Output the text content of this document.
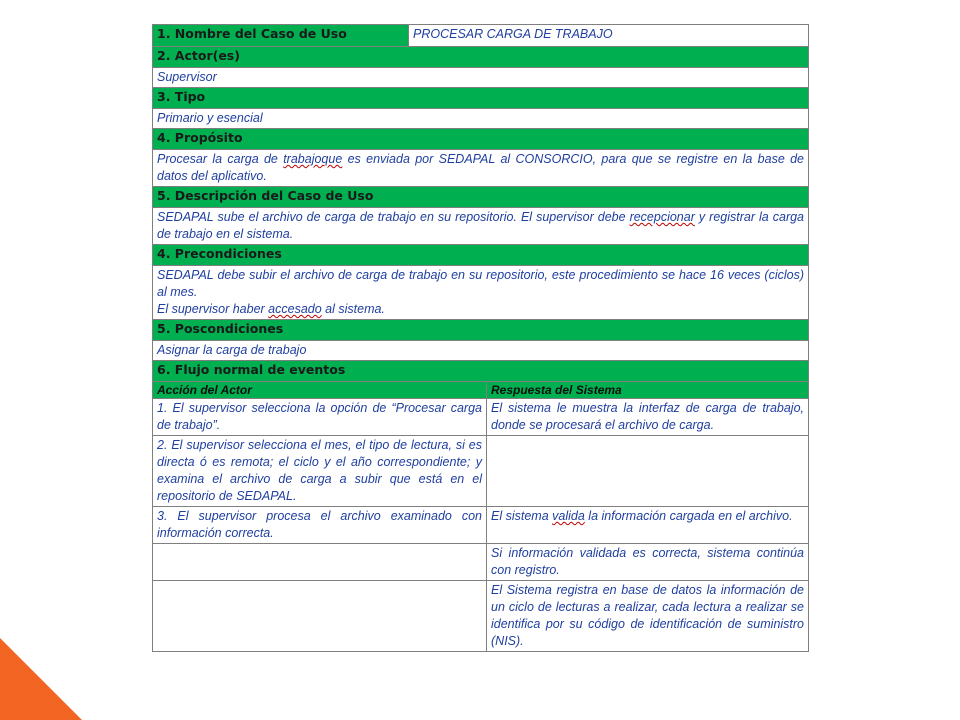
1. Nombre del Caso de Uso	PROCESAR CARGA DE TRABAJO	
2. Actor(es)		
Supervisor		
3. Tipo		
Primario y esencial		
4. Propósito		
Procesar la carga de trabajoque es enviada por SEDAPAL al CONSORCIO, para que se registre en la base de datos del aplicativo.		
5. Descripción del Caso de Uso		
SEDAPAL sube el archivo de carga de trabajo en su repositorio. El supervisor debe recepcionar y registrar la carga de trabajo en el sistema.		
4. Precondiciones		

SEDAPAL debe subir el archivo de carga de trabajo en su repositorio, este procedimiento se hace 16 veces (ciclos) al mes.
El supervisor haber accesado al sistema.		

5. Poscondiciones		
Asignar la carga de trabajo		
6. Flujo normal de eventos		
Acción del Actor		Respuesta del Sistema
1. El supervisor selecciona la opción de “Procesar carga de trabajo”.		El sistema le muestra la interfaz de carga de trabajo, donde se procesará el archivo de carga.
2. El supervisor selecciona el mes, el tipo de lectura, si es directa ó es remota; el ciclo y el año correspondiente; y examina el archivo de carga a subir que está en el repositorio de SEDAPAL.		
3. El supervisor procesa el archivo examinado con información correcta.		El sistema valida la información cargada en el archivo.
		Si información validada es correcta, sistema continúa con registro.
		El Sistema registra en base de datos la información de un ciclo de lecturas a realizar, cada lectura a realizar se identifica por su código de identificación de suministro (NIS).
